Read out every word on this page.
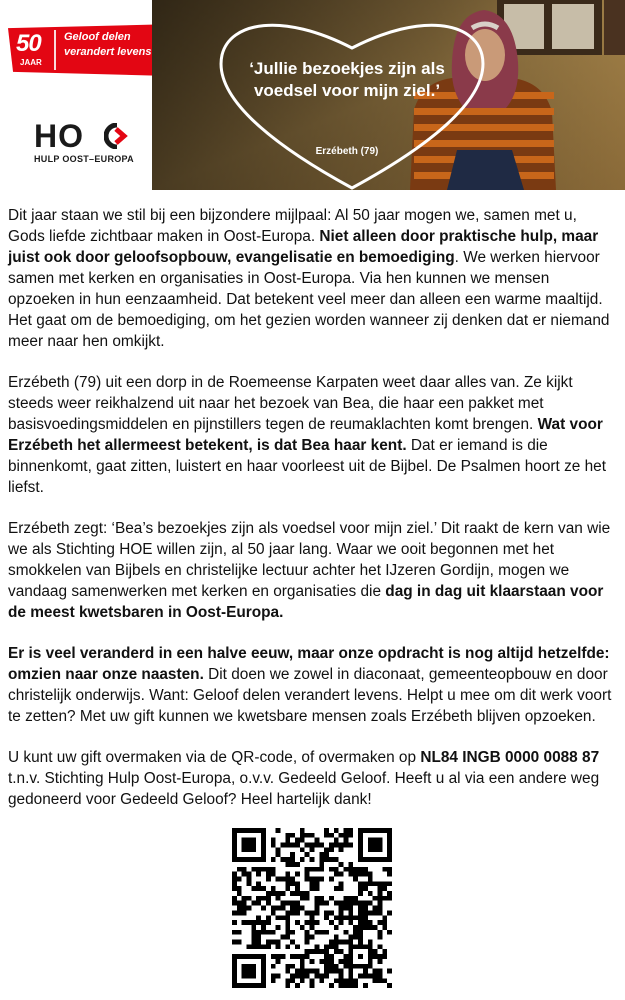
50
JAAR
Geloof delen verandert levens
HO
HULP OOST–EUROPA
‘Jullie bezoekjes zijn als voedsel voor mijn ziel.’
Erzébeth (79)

Dit jaar staan we stil bij een bijzondere mijlpaal: Al 50 jaar mogen we, samen met u, Gods liefde zichtbaar maken in Oost-Europa. Niet alleen door praktische hulp, maar juist ook door geloofsopbouw, evangelisatie en bemoediging. We werken hiervoor samen met kerken en organisaties in Oost-Europa. Via hen kunnen we mensen opzoeken in hun eenzaamheid. Dat betekent veel meer dan alleen een warme maaltijd. Het gaat om de bemoediging, om het gezien worden wanneer zij denken dat er niemand meer naar hen omkijkt.

Erzébeth (79) uit een dorp in de Roemeense Karpaten weet daar alles van. Ze kijkt steeds weer reikhalzend uit naar het bezoek van Bea, die haar een pakket met basisvoedingsmiddelen en pijnstillers tegen de reumaklachten komt brengen. Wat voor Erzébeth het allermeest betekent, is dat Bea haar kent. Dat er iemand is die binnenkomt, gaat zitten, luistert en haar voorleest uit de Bijbel. De Psalmen hoort ze het liefst.

Erzébeth zegt: ‘Bea’s bezoekjes zijn als voedsel voor mijn ziel.’ Dit raakt de kern van wie we als Stichting HOE willen zijn, al 50 jaar lang. Waar we ooit begonnen met het smokkelen van Bijbels en christelijke lectuur achter het IJzeren Gordijn, mogen we vandaag samenwerken met kerken en organisaties die dag in dag uit klaarstaan voor de meest kwetsbaren in Oost-Europa.

Er is veel veranderd in een halve eeuw, maar onze opdracht is nog altijd hetzelfde: omzien naar onze naasten. Dit doen we zowel in diaconaat, gemeenteopbouw en door christelijk onderwijs. Want: Geloof delen verandert levens. Helpt u mee om dit werk voort te zetten? Met uw gift kunnen we kwetsbare mensen zoals Erzébeth blijven opzoeken.

U kunt uw gift overmaken via de QR-code, of overmaken op NL84 INGB 0000 0088 87 t.n.v. Stichting Hulp Oost-Europa, o.v.v. Gedeeld Geloof. Heeft u al via een andere weg gedoneerd voor Gedeeld Geloof? Heel hartelijk dank!
